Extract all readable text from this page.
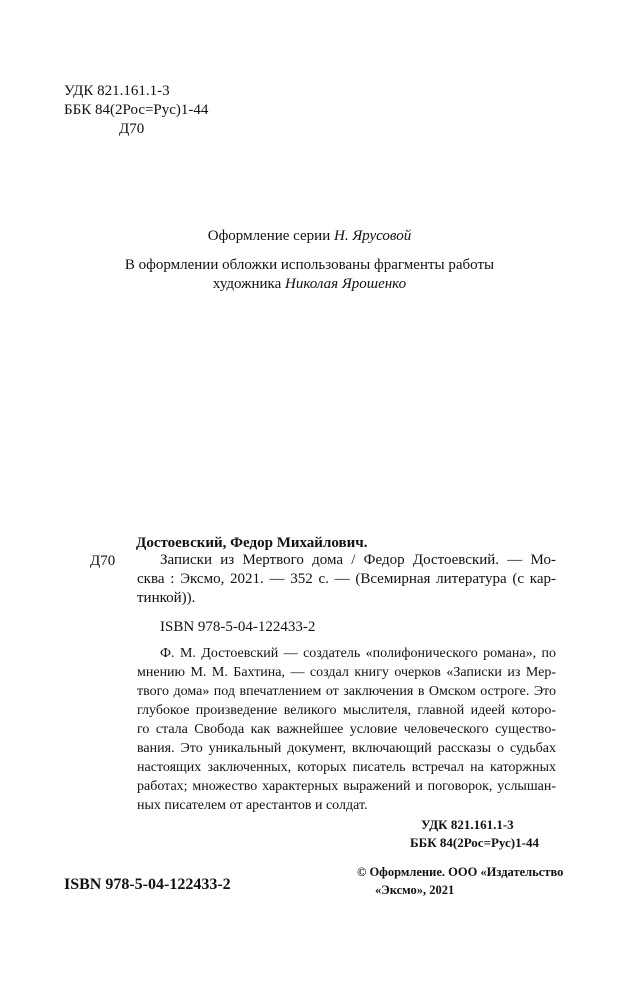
УДК 821.161.1-3
ББК 84(2Рос=Рус)1-44
Д70
Оформление серии Н. Ярусовой
В оформлении обложки использованы фрагменты работы
художника Николая Ярошенко
Достоевский, Федор Михайлович.
Д70	Записки из Мертвого дома / Федор Достоевский. — Мо-
сква : Эксмо, 2021. — 352 с. — (Всемирная литература (с кар-
тинкой)).
ISBN 978-5-04-122433-2
Ф. М. Достоевский — создатель «полифонического романа», по
мнению М. М. Бахтина, — создал книгу очерков «Записки из Мер-
твого дома» под впечатлением от заключения в Омском остроге. Это
глубокое произведение великого мыслителя, главной идеей которо-
го стала Свобода как важнейшее условие человеческого существо-
вания. Это уникальный документ, включающий рассказы о судьбах
настоящих заключенных, которых писатель встречал на каторжных
работах; множество характерных выражений и поговорок, услышан-
ных писателем от арестантов и солдат.
УДК 821.161.1-3
ББК 84(2Рос=Рус)1-44
ISBN 978-5-04-122433-2
© Оформление. ООО «Издательство
«Эксмо», 2021
